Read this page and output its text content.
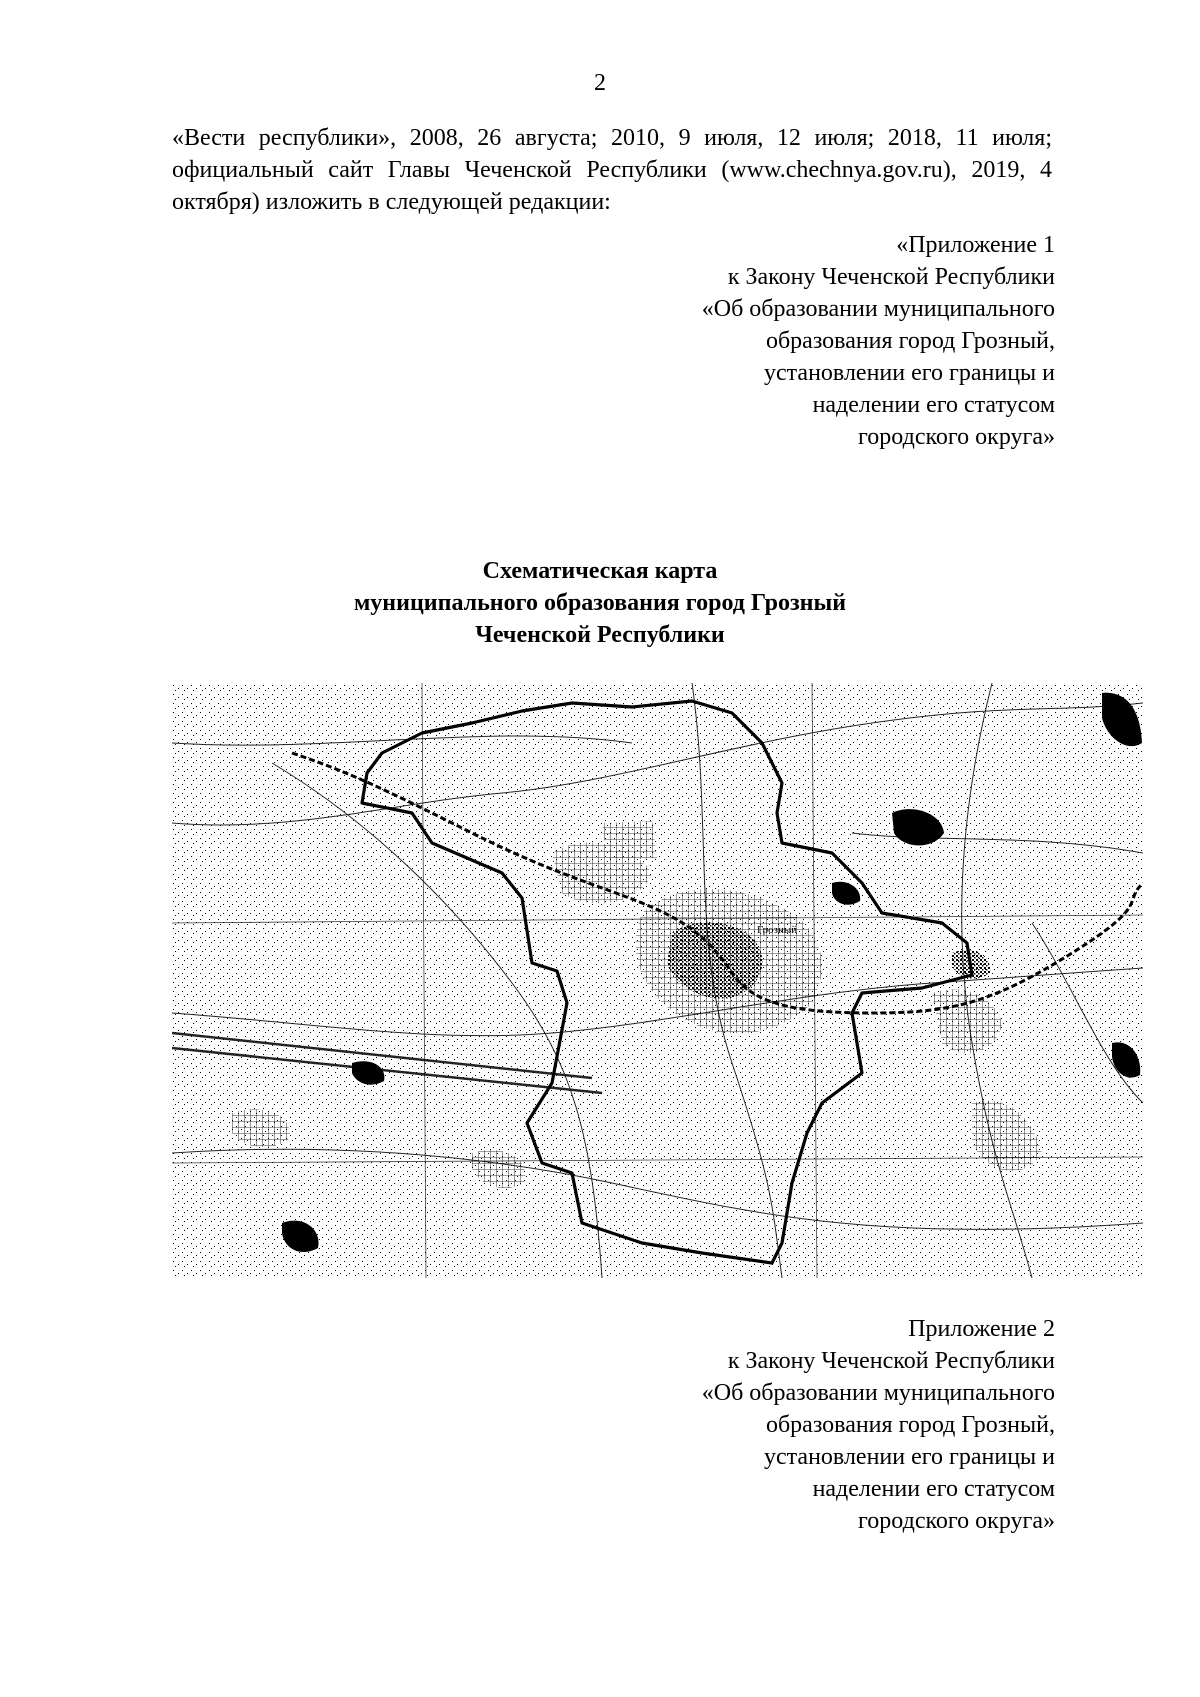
2
«Вести республики», 2008, 26 августа; 2010, 9 июля, 12 июля; 2018, 11 июля; официальный сайт Главы Чеченской Республики (www.chechnya.gov.ru), 2019, 4 октября) изложить в следующей редакции:
«Приложение 1
к Закону Чеченской Республики
«Об образовании муниципального
образования город Грозный,
установлении его границы и
наделении его статусом
городского округа»
Схематическая карта
муниципального образования город Грозный
Чеченской Республики
Грозный
Приложение 2
к Закону Чеченской Республики
«Об образовании муниципального
образования город Грозный,
установлении его границы и
наделении его статусом
городского округа»
